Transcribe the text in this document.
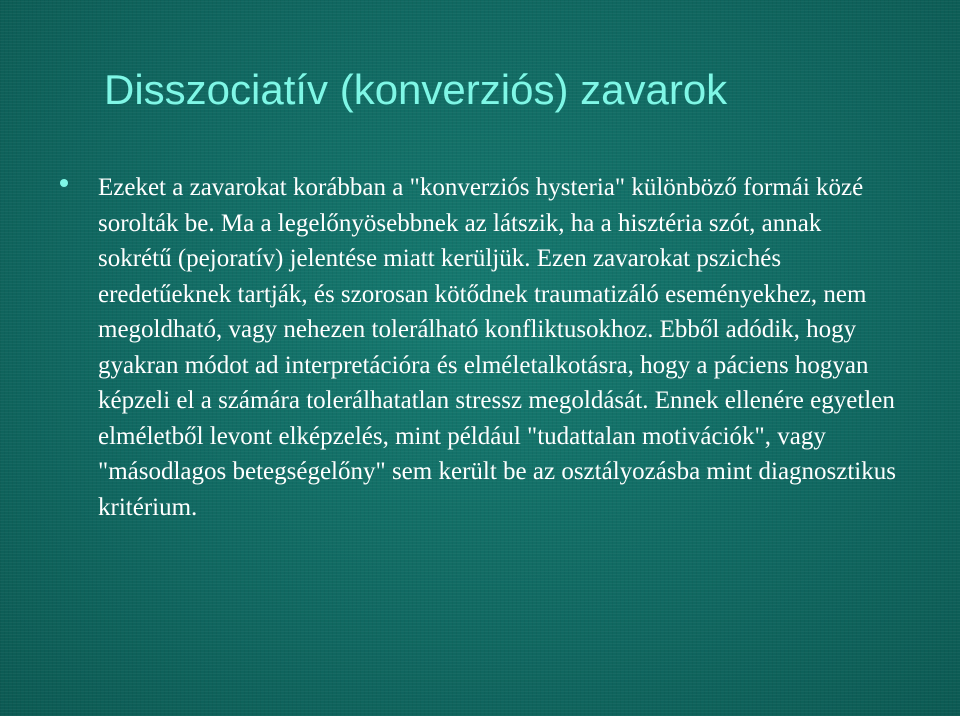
Disszociatív (konverziós) zavarok
Ezeket a zavarokat korábban a "konverziós hysteria" különböző formái közé sorolták be. Ma a legelőnyösebbnek az látszik, ha a hisztéria szót, annak sokrétű (pejoratív) jelentése miatt kerüljük. Ezen zavarokat pszichés eredetűeknek tartják, és szorosan kötődnek traumatizáló eseményekhez, nem megoldható, vagy nehezen tolerálható konfliktusokhoz. Ebből adódik, hogy gyakran módot ad interpretációra és elméletalkotásra, hogy a páciens hogyan képzeli el a számára tolerálhatatlan stressz megoldását. Ennek ellenére egyetlen elméletből levont elképzelés, mint például "tudattalan motivációk", vagy "másodlagos betegségelőny" sem került be az osztályozásba mint diagnosztikus kritérium.
